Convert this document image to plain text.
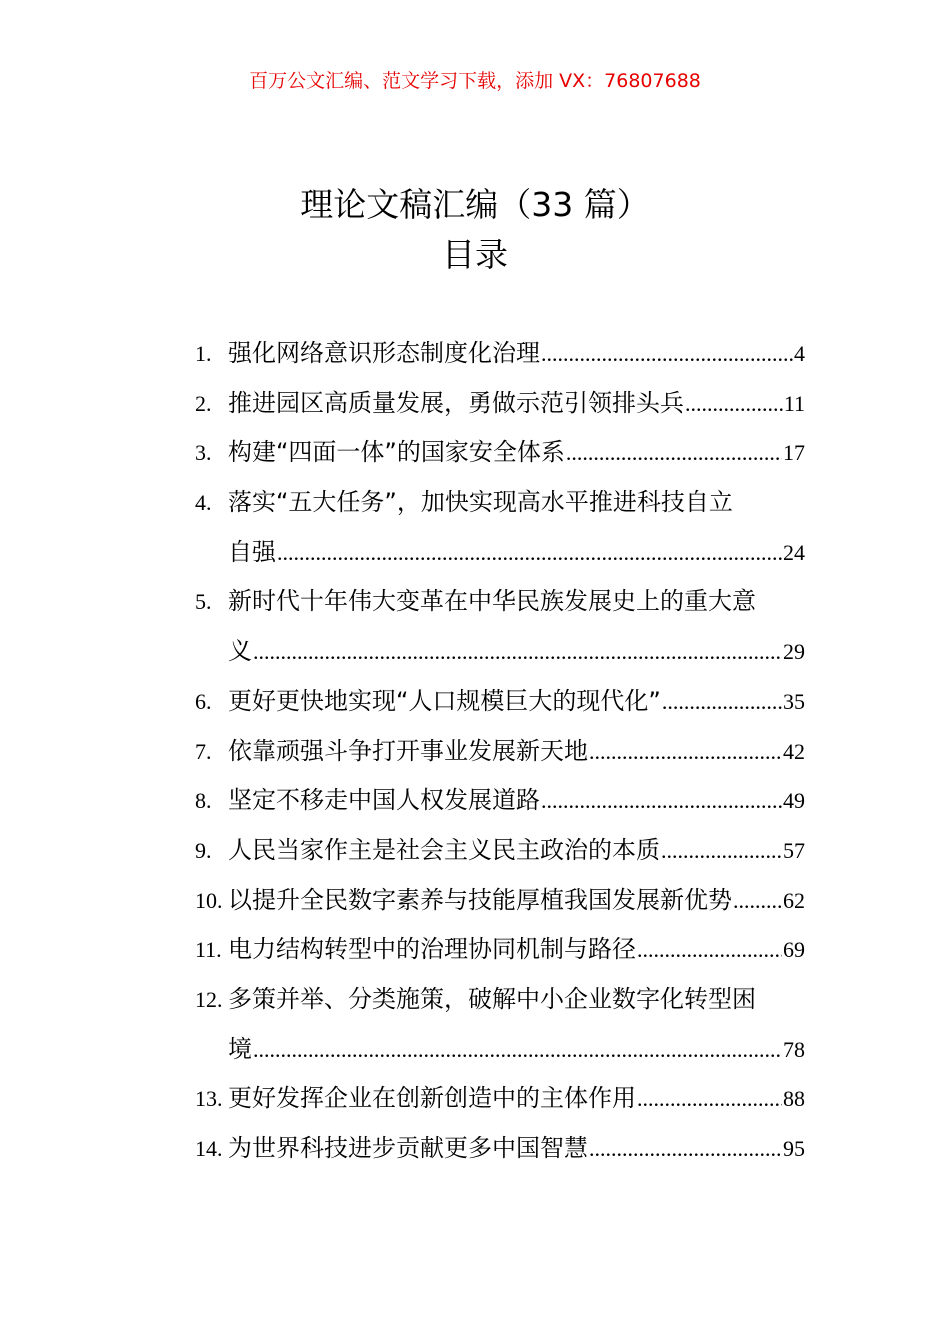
百万公文汇编、范文学习下载，添加 VX：76807688
理论文稿汇编（33 篇）
目录
1. 强化网络意识形态制度化治理 .....	4
2. 推进园区高质量发展，勇做示范引领排头兵 .....	11
3. 构建“四面一体”的国家安全体系 .....	17
4. 落实“五大任务”，加快实现高水平推进科技自立
自强 .....	24
5. 新时代十年伟大变革在中华民族发展史上的重大意
义 .....	29
6. 更好更快地实现“人口规模巨大的现代化” .....	35
7. 依靠顽强斗争打开事业发展新天地 .....	42
8. 坚定不移走中国人权发展道路 .....	49
9. 人民当家作主是社会主义民主政治的本质 .....	57
10. 以提升全民数字素养与技能厚植我国发展新优势 ..... 62
11. 电力结构转型中的治理协同机制与路径 .....	69
12. 多策并举、分类施策，破解中小企业数字化转型困
境 .....	78
13. 更好发挥企业在创新创造中的主体作用 .....	88
14. 为世界科技进步贡献更多中国智慧 .....	95
